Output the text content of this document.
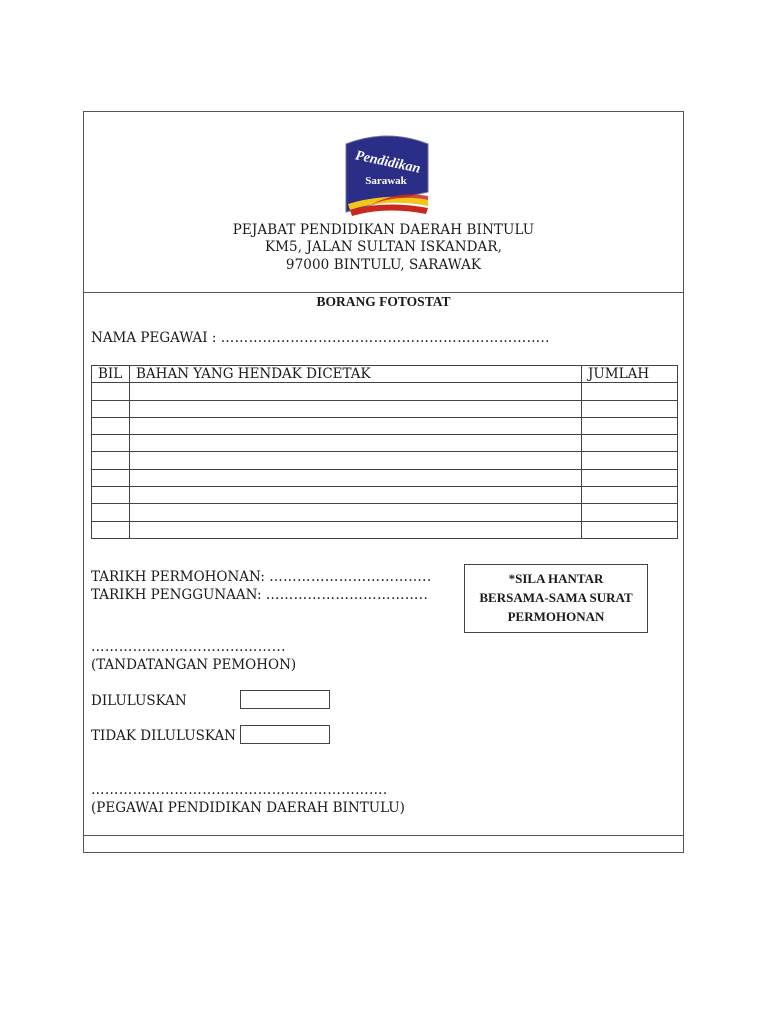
Pendidikan
Sarawak
PEJABAT PENDIDIKAN DAERAH BINTULU
KM5, JALAN SULTAN ISKANDAR,
97000 BINTULU, SARAWAK
BORANG FOTOSTAT
NAMA PEGAWAI : ……………………………………………………………..
BIL	BAHAN YANG HENDAK DICETAK	JUMLAH

TARIKH PERMOHONAN: ……………………………..
TARIKH PENGGUNAAN: ……………………………..
*SILA HANTAR
BERSAMA-SAMA SURAT
PERMOHONAN
…………………………………...
(TANDATANGAN PEMOHON)
DILULUSKAN
TIDAK DILULUSKAN
……………………………………………………….
(PEGAWAI PENDIDIKAN DAERAH BINTULU)
